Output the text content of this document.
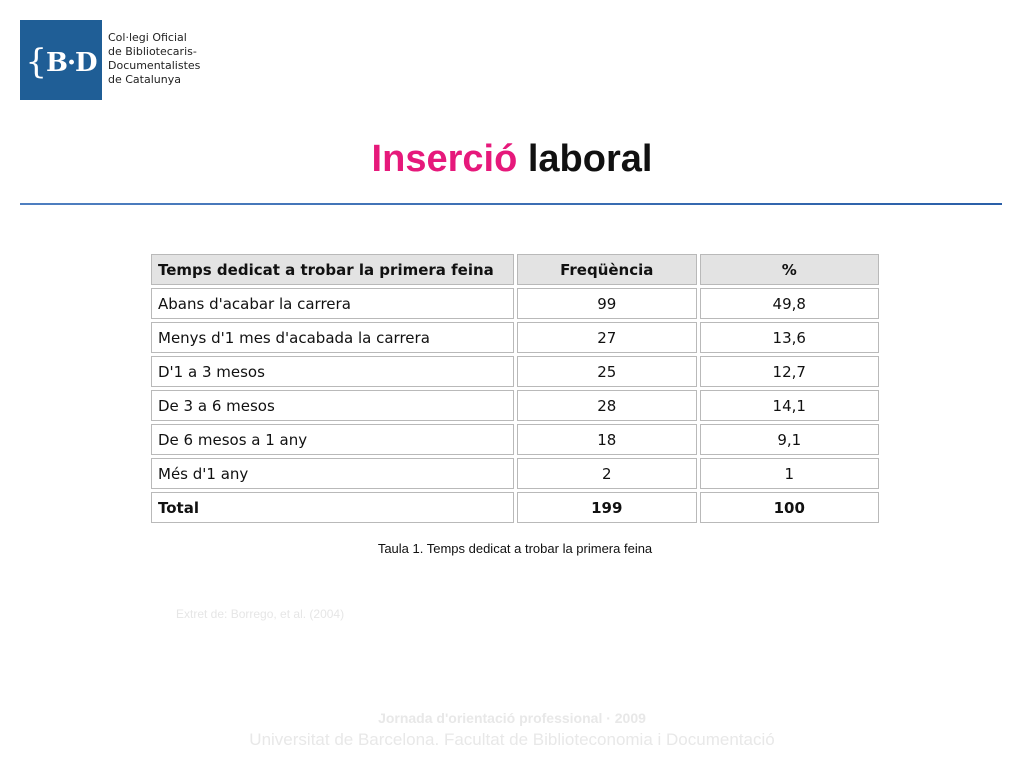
{B·D
Col·legi Oficial
de Bibliotecaris-
Documentalistes
de Catalunya
Inserció laboral
Temps dedicat a trobar la primera feina	Freqüència	%
Abans d'acabar la carrera	99	49,8
Menys d'1 mes d'acabada la carrera	27	13,6
D'1 a 3 mesos	25	12,7
De 3 a 6 mesos	28	14,1
De 6 mesos a 1 any	18	9,1
Més d'1 any	2	1
Total	199	100
Taula 1. Temps dedicat a trobar la primera feina
Extret de: Borrego, et al. (2004)
Jornada d'orientació professional · 2009
Universitat de Barcelona. Facultat de Biblioteconomia i Documentació
